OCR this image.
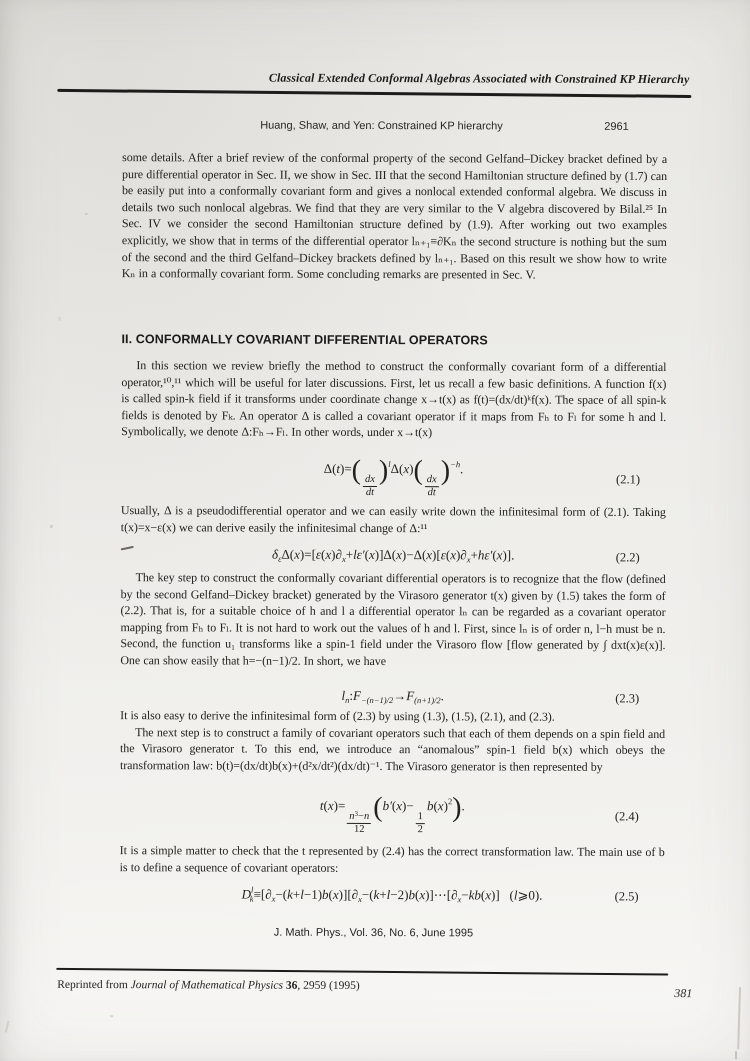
Classical Extended Conformal Algebras Associated with Constrained KP Hierarchy
Huang, Shaw, and Yen: Constrained KP hierarchy	2961

some details. After a brief review of the conformal property of the second Gelfand–Dickey bracket defined by a pure differential operator in Sec. II, we show in Sec. III that the second Hamiltonian structure defined by (1.7) can be easily put into a conformally covariant form and gives a nonlocal extended conformal algebra. We discuss in details two such nonlocal algebras. We find that they are very similar to the V algebra discovered by Bilal.²⁵ In Sec. IV we consider the second Hamiltonian structure defined by (1.9). After working out two examples explicitly, we show that in terms of the differential operator lₙ₊₁≡∂Kₙ the second structure is nothing but the sum of the second and the third Gelfand–Dickey brackets defined by lₙ₊₁. Based on this result we show how to write Kₙ in a conformally covariant form. Some concluding remarks are presented in Sec. V.

II. CONFORMALLY COVARIANT DIFFERENTIAL OPERATORS

In this section we review briefly the method to construct the conformally covariant form of a differential operator,¹⁰,¹¹ which will be useful for later discussions. First, let us recall a few basic definitions. A function f(x) is called spin-k field if it transforms under coordinate change x→t(x) as f(t)=(dx/dt)ᵏf(x). The space of all spin-k fields is denoted by Fₖ. An operator Δ is called a covariant operator if it maps from Fₕ to Fₗ for some h and l. Symbolically, we denote Δ:Fₕ→Fₗ. In other words, under x→t(x)

Δ(t)=(
$\frac{dx}{dt}$
)$^l$Δ(x)(
$\frac{dx}{dt}$
)$^{-h}$.
(2.1)

Usually, Δ is a pseudodifferential operator and we can easily write down the infinitesimal form of (2.1). Taking t(x)=x−ε(x) we can derive easily the infinitesimal change of Δ:¹¹

$\delta_\varepsilon\Delta(x)=[\varepsilon(x)\partial_x+l\varepsilon'(x)]\Delta(x)-\Delta(x)[\varepsilon(x)\partial_x+h\varepsilon'(x)]$.	(2.2)

The key step to construct the conformally covariant differential operators is to recognize that the flow (defined by the second Gelfand–Dickey bracket) generated by the Virasoro generator t(x) given by (1.5) takes the form of (2.2). That is, for a suitable choice of h and l a differential operator lₙ can be regarded as a covariant operator mapping from Fₕ to Fₗ. It is not hard to work out the values of h and l. First, since lₙ is of order n, l−h must be n. Second, the function u₁ transforms like a spin-1 field under the Virasoro flow [flow generated by ∫ dxt(x)ε(x)]. One can show easily that h=−(n−1)/2. In short, we have

$l_n:F_{-(n-1)/2}\to F_{(n+1)/2}$.	(2.3)

It is also easy to derive the infinitesimal form of (2.3) by using (1.3), (1.5), (2.1), and (2.3).

The next step is to construct a family of covariant operators such that each of them depends on a spin field and the Virasoro generator t. To this end, we introduce an “anomalous” spin-1 field b(x) which obeys the transformation law: b(t)=(dx/dt)b(x)+(d²x/dt²)(dx/dt)⁻¹. The Virasoro generator is then represented by

t(x)=
$\frac{n^3-n}{12} (b'(x)-$
$\frac{1}{2}$
$b(x)^2$).
(2.4)

It is a simple matter to check that the t represented by (2.4) has the correct transformation law. The main use of b is to define a sequence of covariant operators:

$D^l_k\equiv[\partial_x-(k+l-1)b(x)][\partial_x-(k+l-2)b(x)]\cdots[\partial_x-kb(x)]$   (l⩾0).	(2.5)
J. Math. Phys., Vol. 36, No. 6, June 1995
Reprinted from Journal of Mathematical Physics 36, 2959 (1995)
381
